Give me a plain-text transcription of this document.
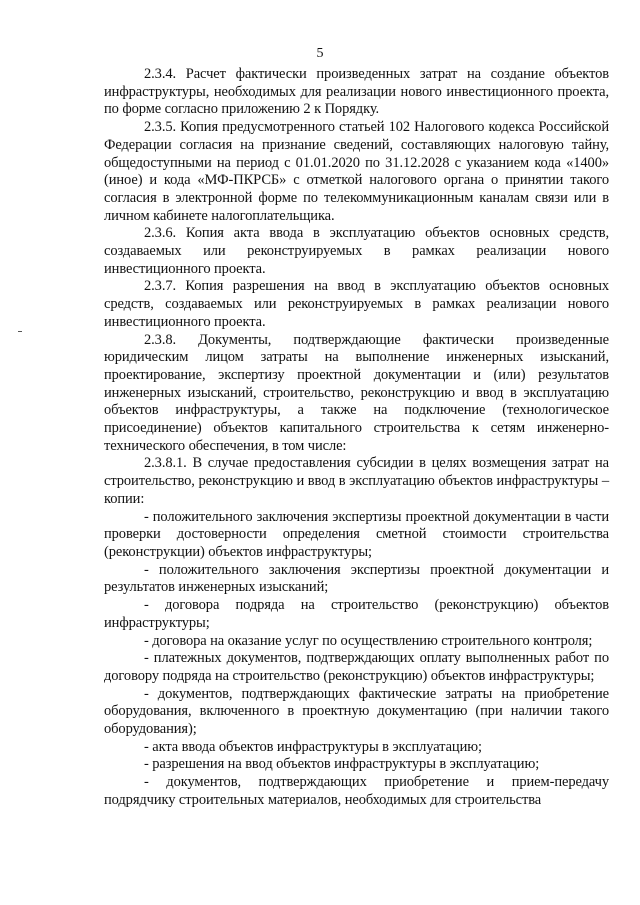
5

2.3.4. Расчет фактически произведенных затрат на создание объектов инфраструктуры, необходимых для реализации нового инвестиционного проекта, по форме согласно приложению 2 к Порядку.

2.3.5. Копия предусмотренного статьей 102 Налогового кодекса Российской Федерации согласия на признание сведений, составляющих налоговую тайну, общедоступными на период с 01.01.2020 по 31.12.2028 с указанием кода «1400» (иное) и кода «МФ-ПКРСБ» с отметкой налогового органа о принятии такого согласия в электронной форме по телекоммуникационным каналам связи или в личном кабинете налогоплательщика.

2.3.6. Копия акта ввода в эксплуатацию объектов основных средств, создаваемых или реконструируемых в рамках реализации нового инвестиционного проекта.

2.3.7. Копия разрешения на ввод в эксплуатацию объектов основных средств, создаваемых или реконструируемых в рамках реализации нового инвестиционного проекта.

2.3.8. Документы, подтверждающие фактически произведенные юридическим лицом затраты на выполнение инженерных изысканий, проектирование, экспертизу проектной документации и (или) результатов инженерных изысканий, строительство, реконструкцию и ввод в эксплуатацию объектов инфраструктуры, а также на подключение (технологическое присоединение) объектов капитального строительства к сетям инженерно-технического обеспечения, в том числе:

2.3.8.1. В случае предоставления субсидии в целях возмещения затрат на строительство, реконструкцию и ввод в эксплуатацию объектов инфраструктуры – копии:

- положительного заключения экспертизы проектной документации в части проверки достоверности определения сметной стоимости строительства (реконструкции) объектов инфраструктуры;

- положительного заключения экспертизы проектной документации и результатов инженерных изысканий;

- договора подряда на строительство (реконструкцию) объектов инфраструктуры;

- договора на оказание услуг по осуществлению строительного контроля;

- платежных документов, подтверждающих оплату выполненных работ по договору подряда на строительство (реконструкцию) объектов инфраструктуры;

- документов, подтверждающих фактические затраты на приобретение оборудования, включенного в проектную документацию (при наличии такого оборудования);

- акта ввода объектов инфраструктуры в эксплуатацию;

- разрешения на ввод объектов инфраструктуры в эксплуатацию;

- документов, подтверждающих приобретение и прием-передачу подрядчику строительных материалов, необходимых для строительства
